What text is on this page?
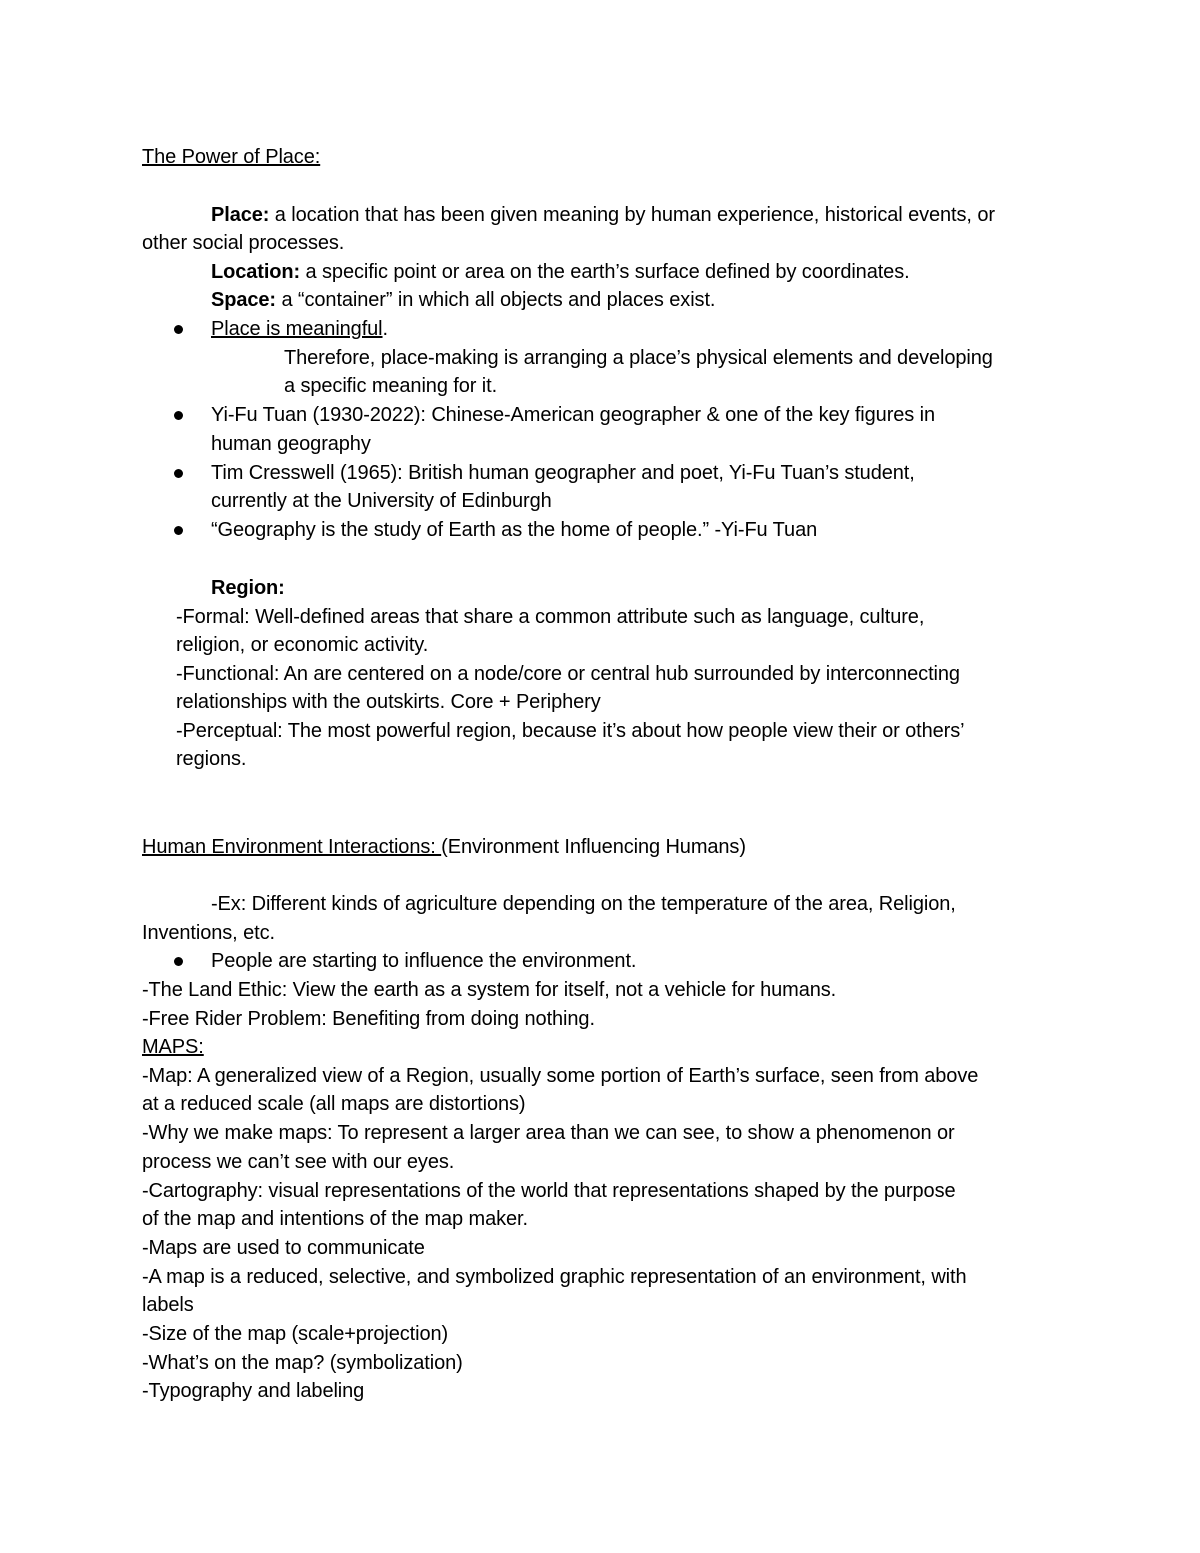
The Power of Place:
Place: a location that has been given meaning by human experience, historical events, or
other social processes.
Location: a specific point or area on the earth’s surface defined by coordinates.
Space: a “container” in which all objects and places exist.
Place is meaningful.
Therefore, place-making is arranging a place’s physical elements and developing
a specific meaning for it.
Yi-Fu Tuan (1930-2022): Chinese-American geographer & one of the key figures in
human geography
Tim Cresswell (1965): British human geographer and poet, Yi-Fu Tuan’s student,
currently at the University of Edinburgh
“Geography is the study of Earth as the home of people.” -Yi-Fu Tuan
Region:
-Formal: Well-defined areas that share a common attribute such as language, culture,
religion, or economic activity.
-Functional: An are centered on a node/core or central hub surrounded by interconnecting
relationships with the outskirts. Core + Periphery
-Perceptual: The most powerful region, because it’s about how people view their or others’
regions.
Human Environment Interactions: (Environment Influencing Humans)
-Ex: Different kinds of agriculture depending on the temperature of the area, Religion,
Inventions, etc.
People are starting to influence the environment.
-The Land Ethic: View the earth as a system for itself, not a vehicle for humans.
-Free Rider Problem: Benefiting from doing nothing.
MAPS:
-Map: A generalized view of a Region, usually some portion of Earth’s surface, seen from above
at a reduced scale (all maps are distortions)
-Why we make maps: To represent a larger area than we can see, to show a phenomenon or
process we can’t see with our eyes.
-Cartography: visual representations of the world that representations shaped by the purpose
of the map and intentions of the map maker.
-Maps are used to communicate
-A map is a reduced, selective, and symbolized graphic representation of an environment, with
labels
-Size of the map (scale+projection)
-What’s on the map? (symbolization)
-Typography and labeling
